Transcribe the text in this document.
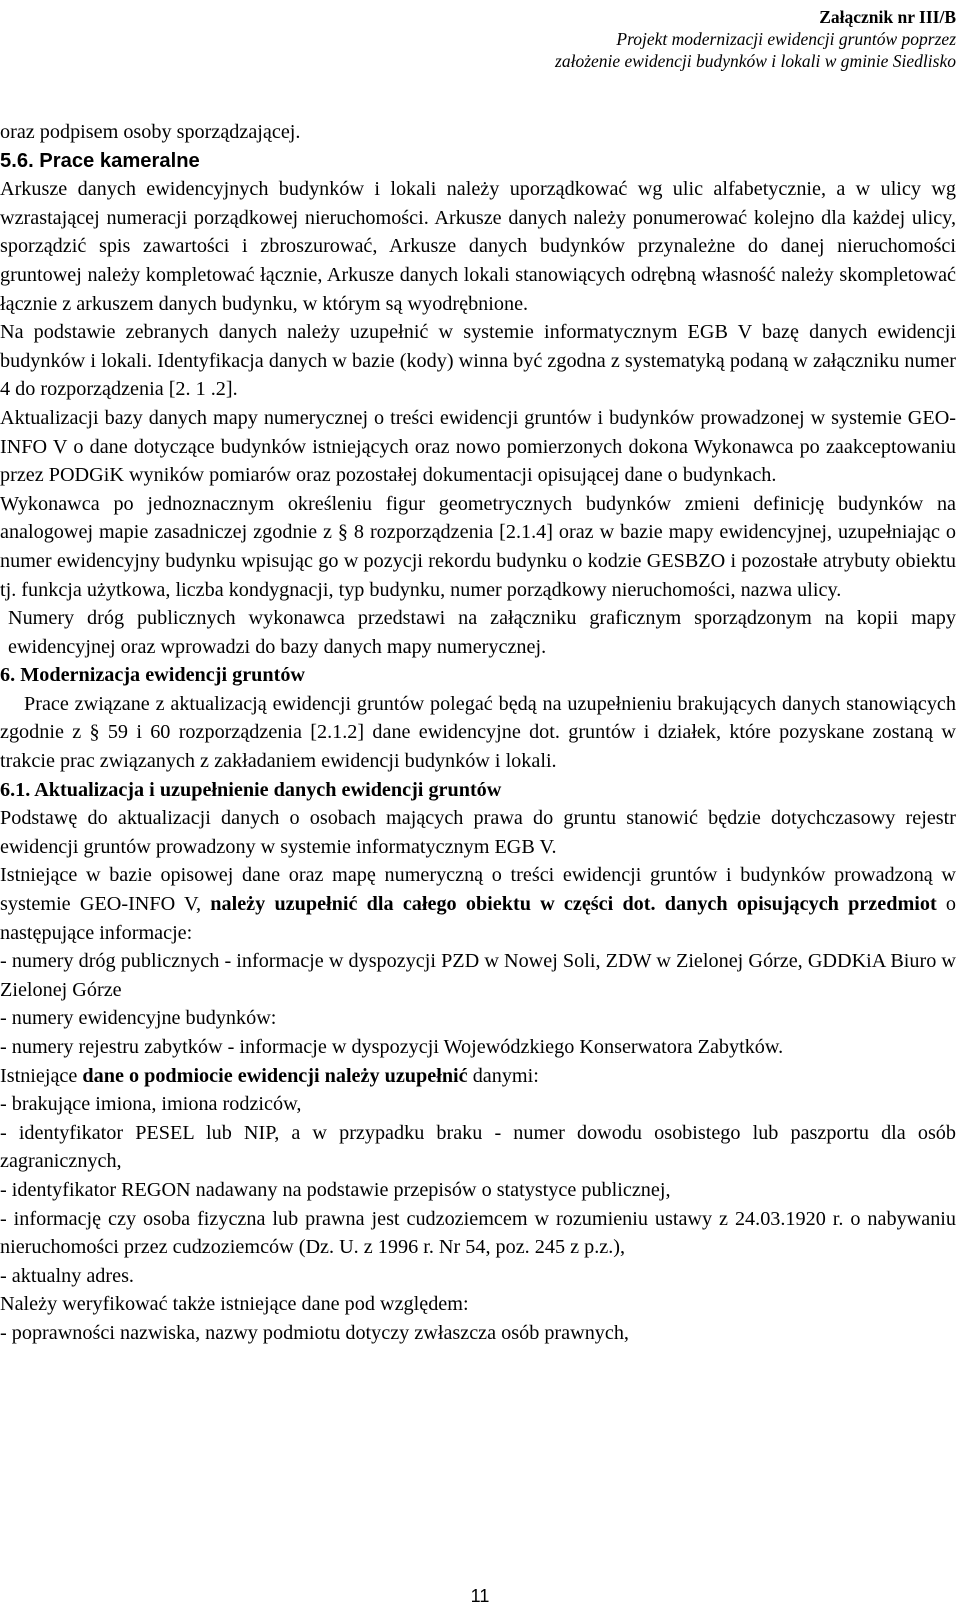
Załącznik nr III/B
Projekt modernizacji ewidencji gruntów poprzez
założenie ewidencji budynków i lokali w gminie Siedlisko

oraz podpisem osoby sporządzającej.

5.6. Prace kameralne

Arkusze danych ewidencyjnych budynków i lokali należy uporządkować wg ulic alfabetycznie, a w ulicy wg wzrastającej numeracji porządkowej nieruchomości. Arkusze danych należy ponumerować kolejno dla każdej ulicy, sporządzić spis zawartości i zbroszurować, Arkusze danych budynków przynależne do danej nieruchomości gruntowej należy kompletować łącznie, Arkusze danych lokali stanowiących odrębną własność należy skompletować łącznie z arkuszem danych budynku, w którym są wyodrębnione.

Na podstawie zebranych danych należy uzupełnić w systemie informatycznym EGB V bazę danych ewidencji budynków i lokali. Identyfikacja danych w bazie (kody) winna być zgodna z systematyką podaną w załączniku numer 4 do rozporządzenia [2. 1 .2].

Aktualizacji bazy danych mapy numerycznej o treści ewidencji gruntów i budynków prowadzonej w systemie GEO- INFO V o dane dotyczące budynków istniejących oraz nowo pomierzonych dokona Wykonawca po zaakceptowaniu przez PODGiK wyników pomiarów oraz pozostałej dokumentacji opisującej dane o budynkach.

Wykonawca po jednoznacznym określeniu figur geometrycznych budynków zmieni definicję budynków na analogowej mapie zasadniczej zgodnie z § 8 rozporządzenia [2.1.4] oraz w bazie mapy ewidencyjnej, uzupełniając o numer ewidencyjny budynku wpisując go w pozycji rekordu budynku o kodzie GESBZO i pozostałe atrybuty obiektu tj. funkcja użytkowa, liczba kondygnacji, typ budynku, numer porządkowy nieruchomości, nazwa ulicy.

Numery dróg publicznych wykonawca przedstawi na załączniku graficznym sporządzonym na kopii mapy ewidencyjnej oraz wprowadzi do bazy danych mapy numerycznej.

6. Modernizacja ewidencji gruntów

Prace związane z aktualizacją ewidencji gruntów polegać będą na uzupełnieniu brakujących danych stanowiących zgodnie z § 59 i 60 rozporządzenia [2.1.2] dane ewidencyjne dot. gruntów i działek, które pozyskane zostaną w trakcie prac związanych z zakładaniem ewidencji budynków i lokali.

6.1. Aktualizacja i uzupełnienie danych ewidencji gruntów

Podstawę do aktualizacji danych o osobach mających prawa do gruntu stanowić będzie dotychczasowy rejestr ewidencji gruntów prowadzony w systemie informatycznym EGB V.

Istniejące w bazie opisowej dane oraz mapę numeryczną o treści ewidencji gruntów i budynków prowadzoną w systemie GEO-INFO V, należy uzupełnić dla całego obiektu w części dot. danych opisujących przedmiot o następujące informacje:

- numery dróg publicznych - informacje w dyspozycji PZD w Nowej Soli, ZDW w Zielonej Górze, GDDKiA Biuro w Zielonej Górze

- numery ewidencyjne budynków:

- numery rejestru zabytków - informacje w dyspozycji Wojewódzkiego Konserwatora Zabytków.

Istniejące dane o podmiocie ewidencji należy uzupełnić danymi:

- brakujące imiona, imiona rodziców,

- identyfikator PESEL lub NIP, a w przypadku braku - numer dowodu osobistego lub paszportu dla osób zagranicznych,

- identyfikator REGON nadawany na podstawie przepisów o statystyce publicznej,

- informację czy osoba fizyczna lub prawna jest cudzoziemcem w rozumieniu ustawy z 24.03.1920 r. o nabywaniu nieruchomości przez cudzoziemców (Dz. U. z 1996 r. Nr 54, poz. 245 z p.z.),

- aktualny adres.

Należy weryfikować także istniejące dane pod względem:

- poprawności nazwiska, nazwy podmiotu dotyczy zwłaszcza osób prawnych,

11
